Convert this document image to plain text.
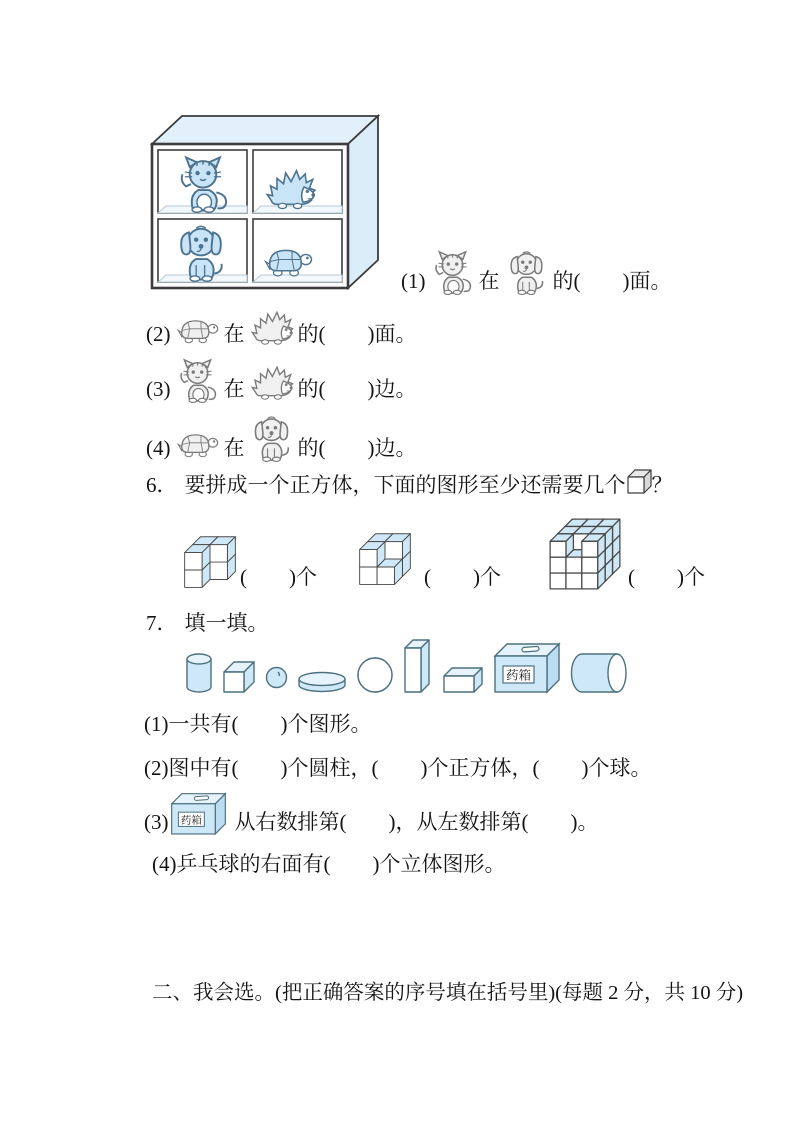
(1)	在	的(　　)面。
(2)	在	的(　　)面。
(3)	在	的(　　)边。
(4)	在	的(　　)边。
6． 要拼成一个正方体，下面的图形至少还需要几个 ？
(　　)个	(　　)个	(　　)个
7． 填一填。
(1)一共有(　　)个图形。
(2)图中有(　　)个圆柱，(　　)个正方体，(　　)个球。
(3)	从右数排第(　　)，从左数排第(　　)。
(4)乒乓球的右面有(　　)个立体图形。
二、我会选。(把正确答案的序号填在括号里)(每题 2 分，共 10 分)
